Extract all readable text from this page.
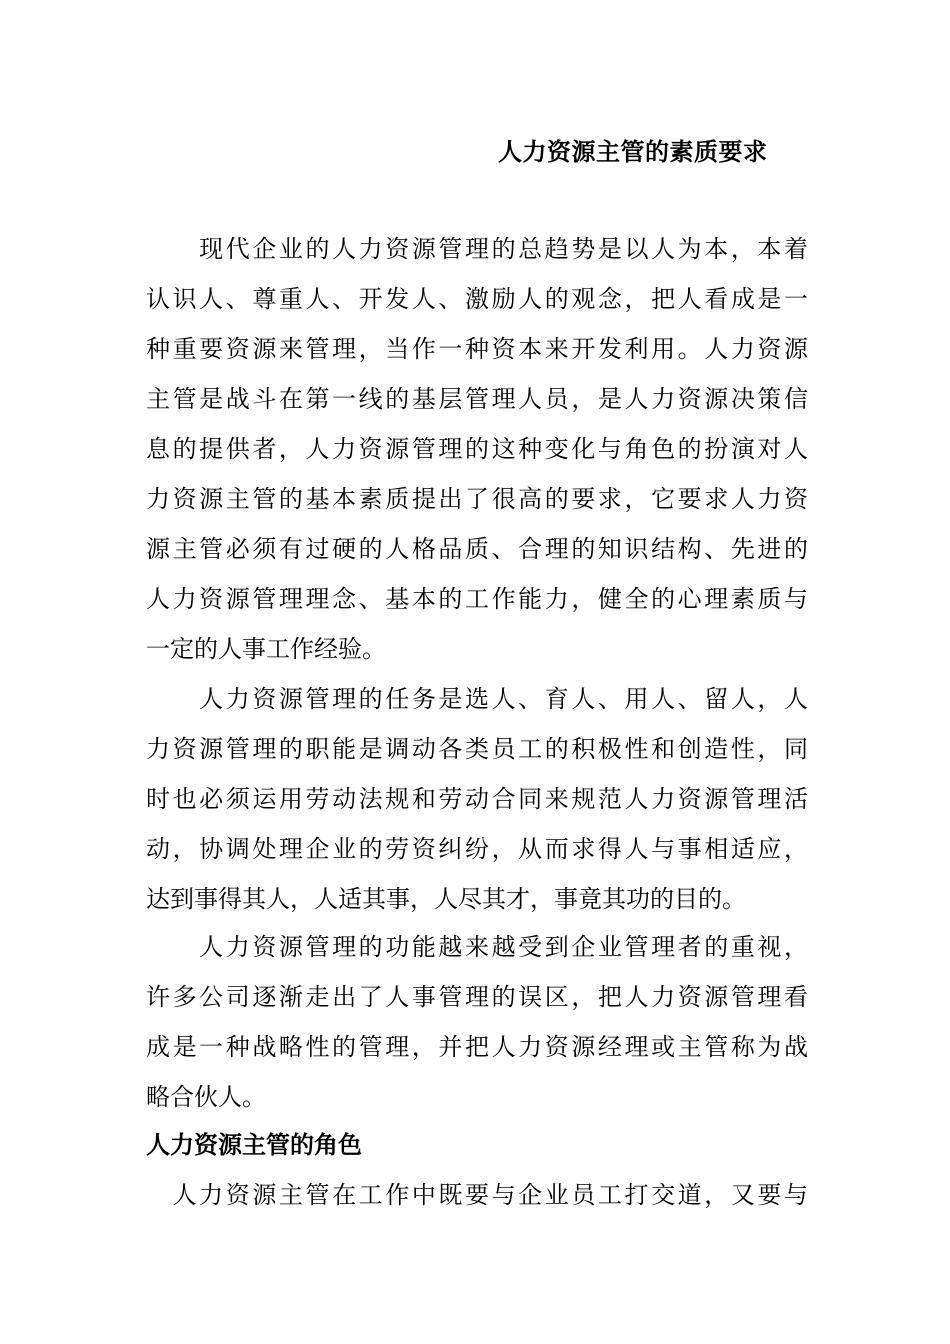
人力资源主管的素质要求
　　现代企业的人力资源管理的总趋势是以人为本，本着
认识人、尊重人、开发人、激励人的观念，把人看成是一
种重要资源来管理，当作一种资本来开发利用。人力资源
主管是战斗在第一线的基层管理人员，是人力资源决策信
息的提供者，人力资源管理的这种变化与角色的扮演对人
力资源主管的基本素质提出了很高的要求，它要求人力资
源主管必须有过硬的人格品质、合理的知识结构、先进的
人力资源管理理念、基本的工作能力，健全的心理素质与
一定的人事工作经验。
　　人力资源管理的任务是选人、育人、用人、留人，人
力资源管理的职能是调动各类员工的积极性和创造性，同
时也必须运用劳动法规和劳动合同来规范人力资源管理活
动，协调处理企业的劳资纠纷，从而求得人与事相适应，
达到事得其人，人适其事，人尽其才，事竟其功的目的。
　　人力资源管理的功能越来越受到企业管理者的重视，
许多公司逐渐走出了人事管理的误区，把人力资源管理看
成是一种战略性的管理，并把人力资源经理或主管称为战
略合伙人。
人力资源主管的角色
　人力资源主管在工作中既要与企业员工打交道，又要与
